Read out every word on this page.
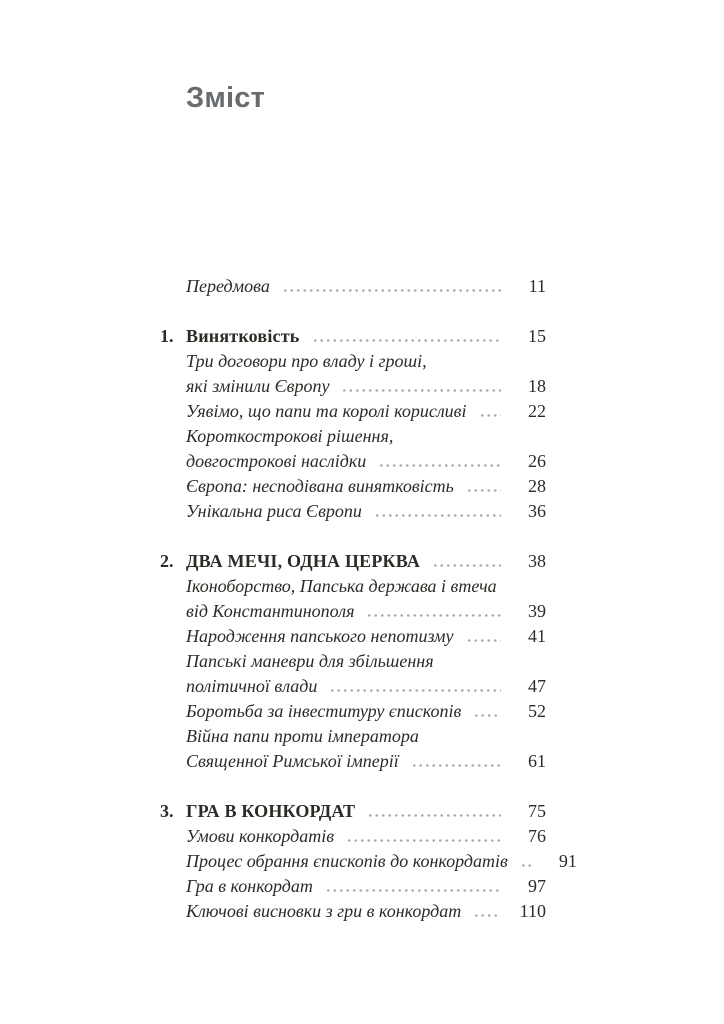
Зміст
Передмова	11
1. Винятковість	15
Три договори про владу і гроші,
які змінили Європу	18
Уявімо, що папи та королі корисливі	22
Короткострокові рішення,
довгострокові наслідки	26
Європа: несподівана винятковість	28
Унікальна риса Європи	36
2. ДВА МЕЧІ, ОДНА ЦЕРКВА	38
Іконоборство, Папська держава і втеча
від Константинополя	39
Народження папського непотизму	41
Папські маневри для збільшення
політичної влади	47
Боротьба за інвеституру єпископів	52
Війна папи проти імператора
Священної Римської імперії	61
3. ГРА В КОНКОРДАТ	75
Умови конкордатів	76
Процес обрання єпископів до конкордатів	91
Гра в конкордат	97
Ключові висновки з гри в конкордат	110
